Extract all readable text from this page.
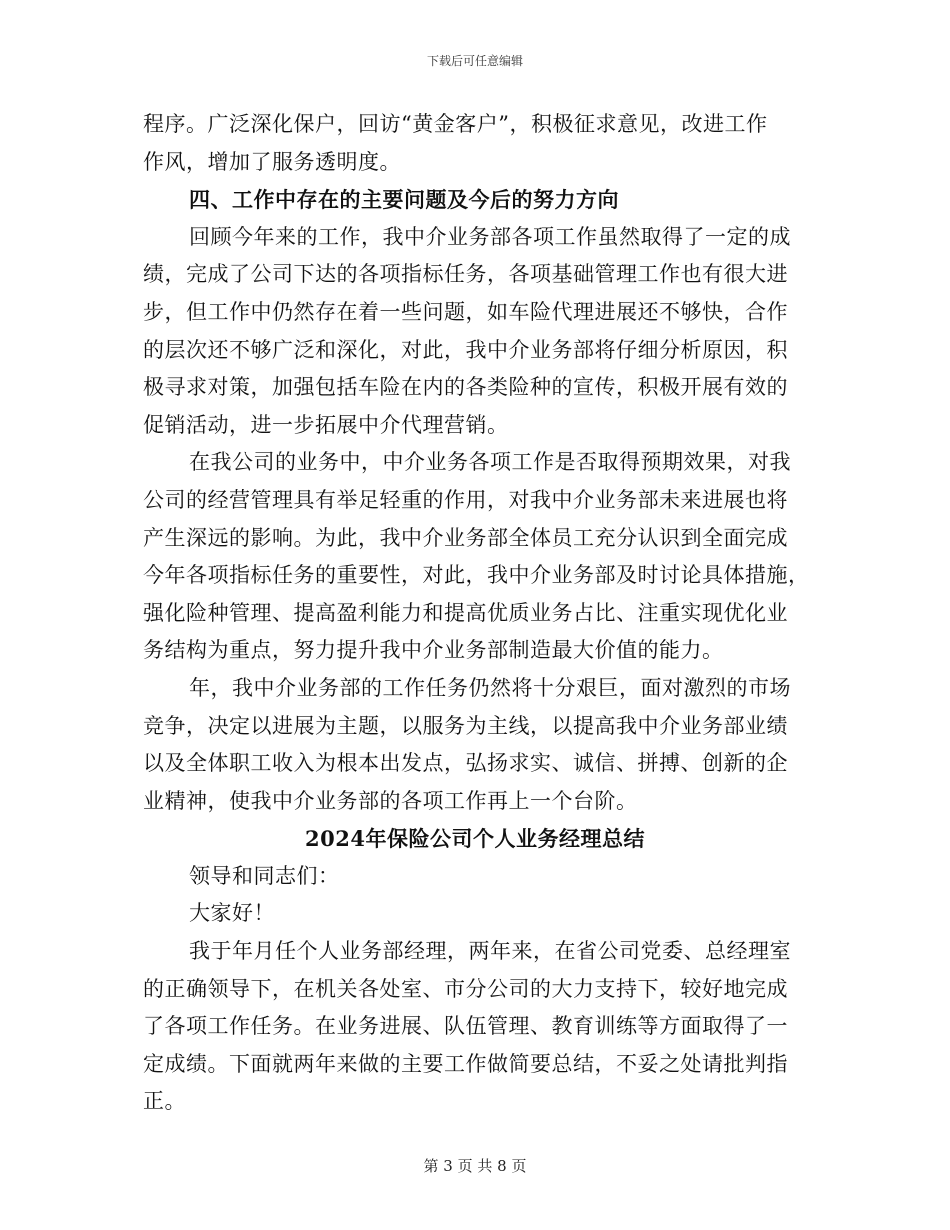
下载后可任意编辑
程序。广泛深化保户，回访“黄金客户”，积极征求意见，改进工作
作风，增加了服务透明度。
四、工作中存在的主要问题及今后的努力方向
回顾今年来的工作，我中介业务部各项工作虽然取得了一定的成
绩，完成了公司下达的各项指标任务，各项基础管理工作也有很大进
步，但工作中仍然存在着一些问题，如车险代理进展还不够快，合作
的层次还不够广泛和深化，对此，我中介业务部将仔细分析原因，积
极寻求对策，加强包括车险在内的各类险种的宣传，积极开展有效的
促销活动，进一步拓展中介代理营销。
在我公司的业务中，中介业务各项工作是否取得预期效果，对我
公司的经营管理具有举足轻重的作用，对我中介业务部未来进展也将
产生深远的影响。为此，我中介业务部全体员工充分认识到全面完成
今年各项指标任务的重要性，对此，我中介业务部及时讨论具体措施，
强化险种管理、提高盈利能力和提高优质业务占比、注重实现优化业
务结构为重点，努力提升我中介业务部制造最大价值的能力。
年，我中介业务部的工作任务仍然将十分艰巨，面对激烈的市场
竞争，决定以进展为主题，以服务为主线，以提高我中介业务部业绩
以及全体职工收入为根本出发点，弘扬求实、诚信、拼搏、创新的企
业精神，使我中介业务部的各项工作再上一个台阶。
2024年保险公司个人业务经理总结
领导和同志们：
大家好！
我于年月任个人业务部经理，两年来，在省公司党委、总经理室
的正确领导下，在机关各处室、市分公司的大力支持下，较好地完成
了各项工作任务。在业务进展、队伍管理、教育训练等方面取得了一
定成绩。下面就两年来做的主要工作做简要总结，不妥之处请批判指
正。
第 3 页 共 8 页
